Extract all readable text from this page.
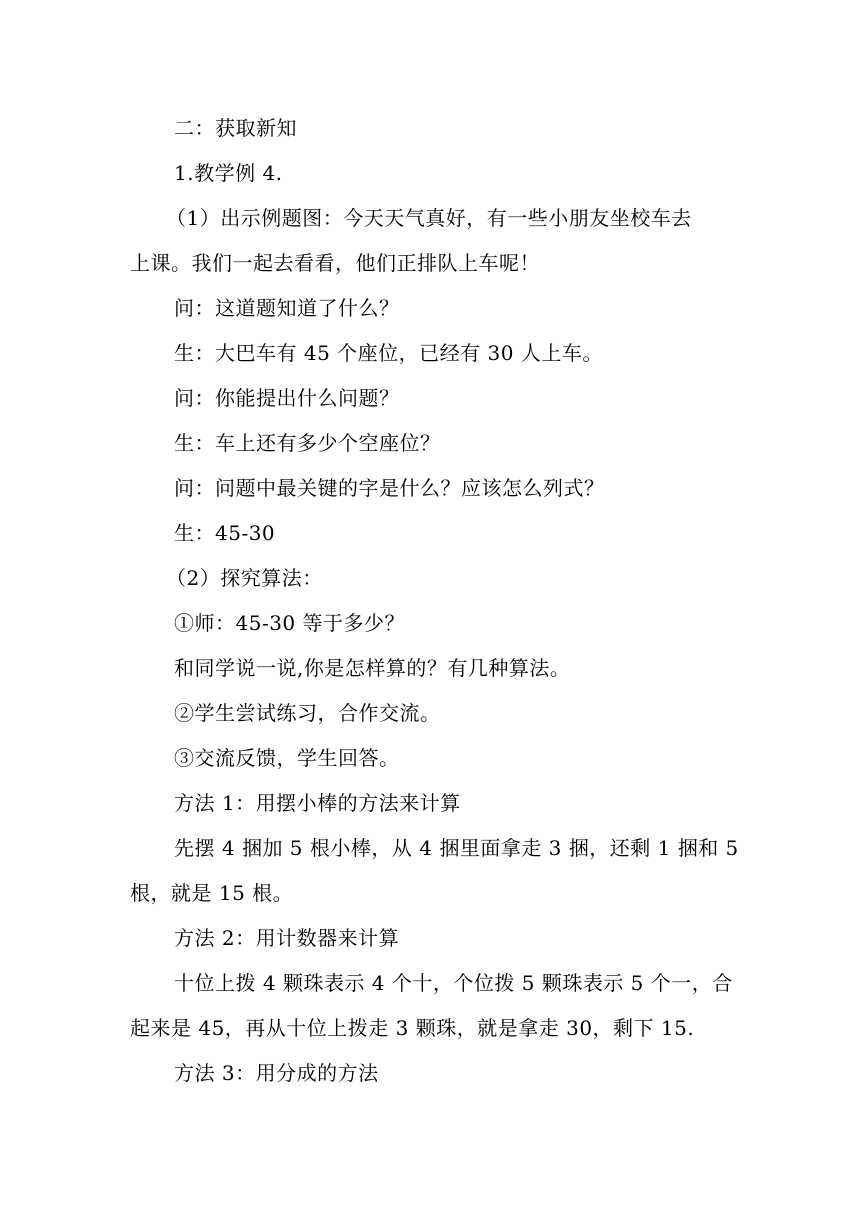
二：获取新知
1.教学例 4.
（1）出示例题图：今天天气真好，有一些小朋友坐校车去
上课。我们一起去看看，他们正排队上车呢！
问：这道题知道了什么？
生：大巴车有 45 个座位，已经有 30 人上车。
问：你能提出什么问题？
生：车上还有多少个空座位？
问：问题中最关键的字是什么？应该怎么列式？
生：45-30
（2）探究算法：
①师：45-30 等于多少？
和同学说一说,你是怎样算的？有几种算法。
②学生尝试练习，合作交流。
③交流反馈，学生回答。
方法 1：用摆小棒的方法来计算
先摆 4 捆加 5 根小棒，从 4 捆里面拿走 3 捆，还剩 1 捆和 5
根，就是 15 根。
方法 2：用计数器来计算
十位上拨 4 颗珠表示 4 个十，个位拨 5 颗珠表示 5 个一，合
起来是 45，再从十位上拨走 3 颗珠，就是拿走 30，剩下 15.
方法 3：用分成的方法
